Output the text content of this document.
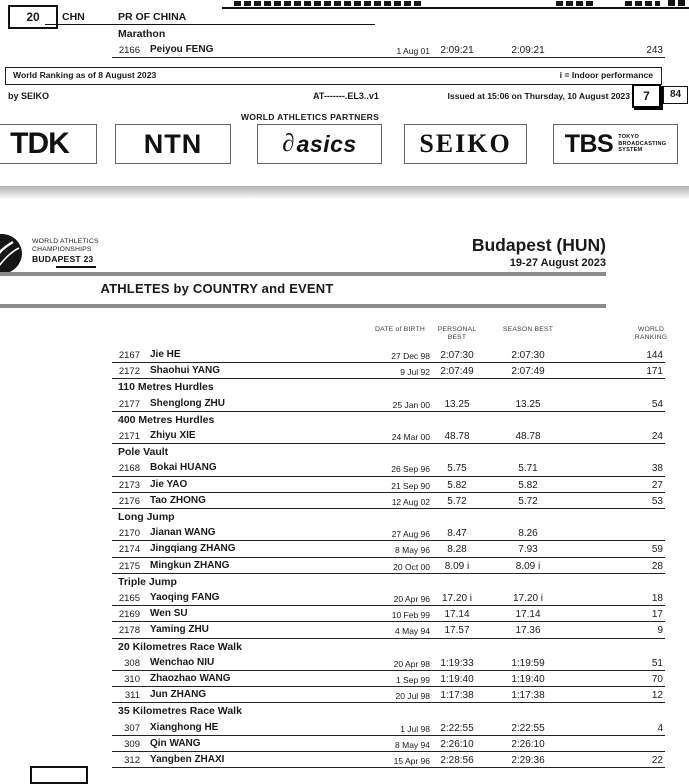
20	CHN	PR OF CHINA
Marathon
2166 Peiyou FENG	1 Aug 01	2:09:21	2:09:21	243
World Ranking as of 8 August 2023	i = Indoor performance
by SEIKO	AT-------.EL3..v1	Issued at 15:06 on Thursday, 10 August 2023	7	84
WORLD ATHLETICS PARTNERS
TDK	NTN	∂ asics SEIKO TBS TOKYO
BROADCASTING
SYSTEM
WORLD ATHLETICS
CHAMPIONSHIPS
BUDAPEST 23
Budapest (HUN)
19-27 August 2023
ATHLETES by COUNTRY and EVENT
DATE of BIRTH	PERSONAL
BEST
SEASON BEST	WORLD
RANKING
2167 Jie HE	27 Dec 98	2:07:30	2:07:30	144
2172 Shaohui YANG	9 Jul 92	2:07:49	2:07:49	171
110 Metres Hurdles
2177 Shenglong ZHU	25 Jan 00	13.25	13.25	54
400 Metres Hurdles
2171 Zhiyu XIE	24 Mar 00	48.78	48.78	24
Pole Vault
2168 Bokai HUANG	26 Sep 96	5.75	5.71	38
2173 Jie YAO	21 Sep 90	5.82	5.82	27
2176 Tao ZHONG	12 Aug 02	5.72	5.72	53
Long Jump
2170 Jianan WANG	27 Aug 96	8.47	8.26
2174 Jingqiang ZHANG	8 May 96	8.28	7.93	59
2175 Mingkun ZHANG	20 Oct 00	8.09 i	8.09 i	28
Triple Jump
2165 Yaoqing FANG	20 Apr 96	17.20 i	17.20 i	18
2169 Wen SU	10 Feb 99	17.14	17.14	17
2178 Yaming ZHU	4 May 94	17.57	17.36	9
20 Kilometres Race Walk
308 Wenchao NIU	20 Apr 98	1:19:33	1:19:59	51
310 Zhaozhao WANG	1 Sep 99	1:19:40	1:19:40	70
311 Jun ZHANG	20 Jul 98	1:17:38	1:17:38	12
35 Kilometres Race Walk
307 Xianghong HE	1 Jul 98	2:22:55	2:22:55	4
309 Qin WANG	8 May 94	2:26:10	2:26:10
312 Yangben ZHAXI	15 Apr 96	2:28:56	2:29:36	22
